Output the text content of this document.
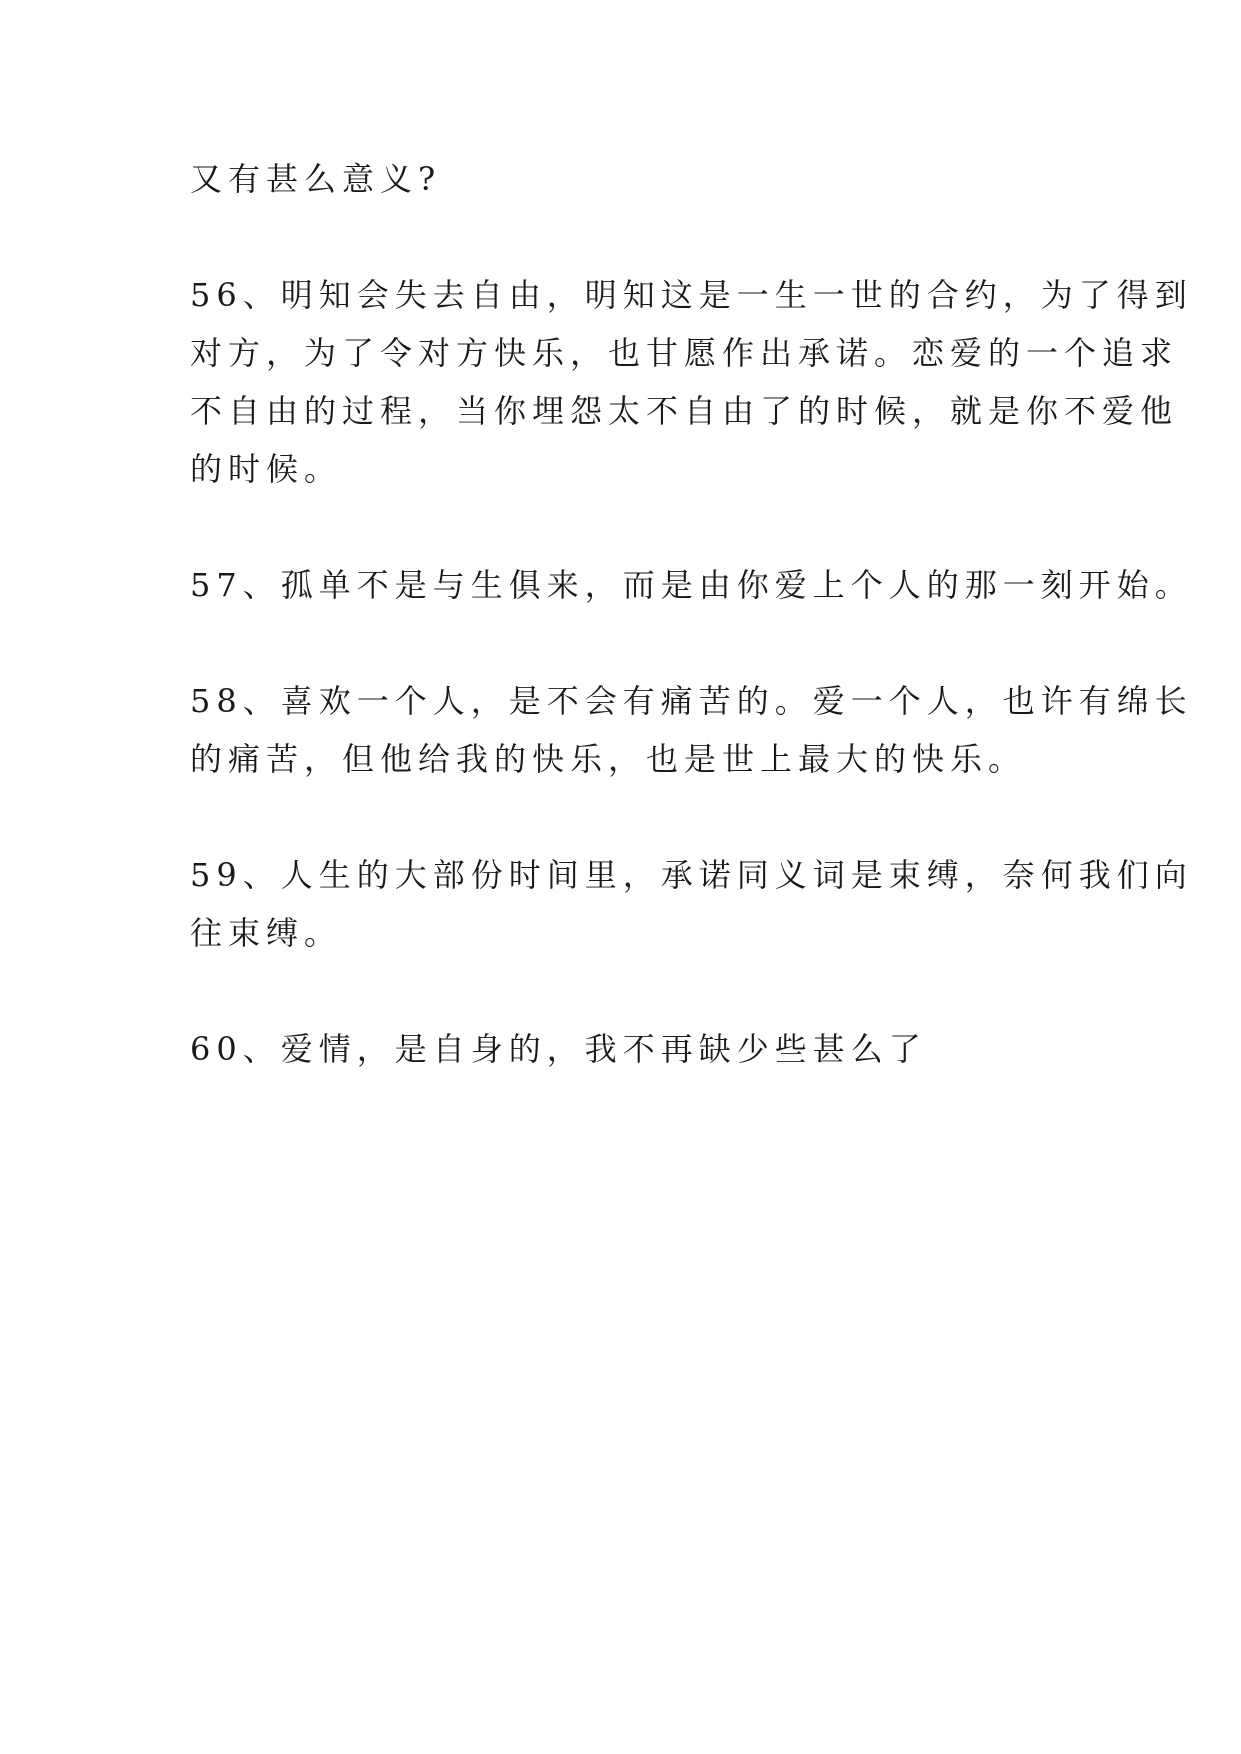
又有甚么意义?
56、明知会失去自由，明知这是一生一世的合约，为了得到
对方，为了令对方快乐，也甘愿作出承诺。恋爱的一个追求
不自由的过程，当你埋怨太不自由了的时候，就是你不爱他
的时候。
57、孤单不是与生俱来，而是由你爱上个人的那一刻开始。
58、喜欢一个人，是不会有痛苦的。爱一个人，也许有绵长
的痛苦，但他给我的快乐，也是世上最大的快乐。
59、人生的大部份时间里，承诺同义词是束缚，奈何我们向
往束缚。
60、爱情，是自身的，我不再缺少些甚么了
